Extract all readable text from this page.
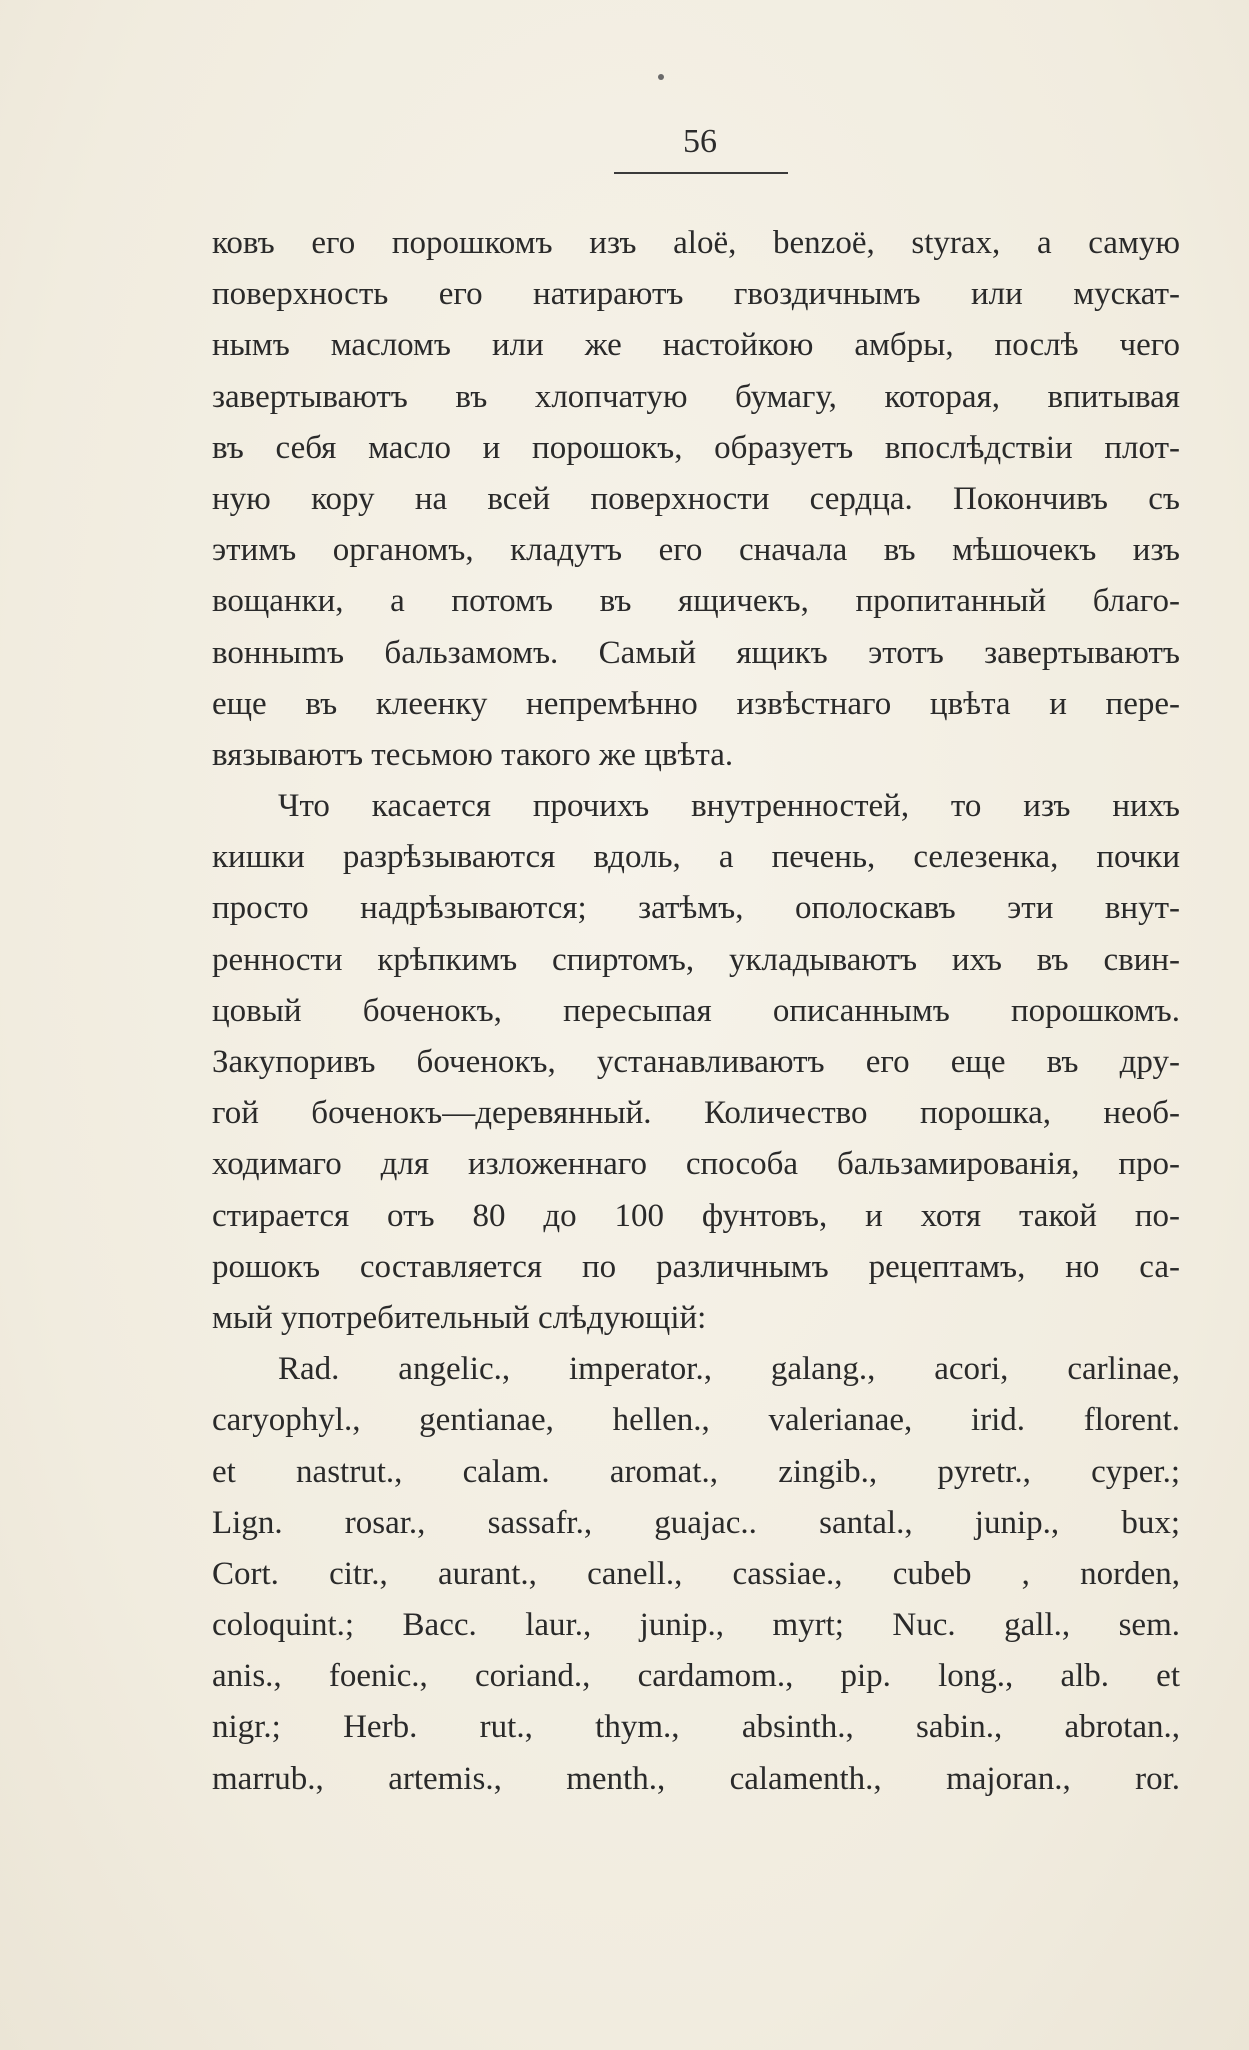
56
ковъ его порошкомъ изъ aloë, benzoë, styrax, а самую
поверхность его натираютъ гвоздичнымъ или мускат-
нымъ масломъ или же настойкою амбры, послѣ чего
завертываютъ въ хлопчатую бумагу, которая, впитывая
въ себя масло и порошокъ, образуетъ впослѣдствіи плот-
ную кору на всей поверхности сердца. Покончивъ съ
этимъ органомъ, кладутъ его сначала въ мѣшочекъ изъ
вощанки, а потомъ въ ящичекъ, пропитанный благо-
вонныmъ бальзамомъ. Самый ящикъ этотъ завертываютъ
еще въ клеенку непремѣнно извѣстнаго цвѣта и пере-
вязываютъ тесьмою такого же цвѣта.
Что касается прочихъ внутренностей, то изъ нихъ
кишки разрѣзываются вдоль, а печень, селезенка, почки
просто надрѣзываются; затѣмъ, ополоскавъ эти внут-
ренности крѣпкимъ спиртомъ, укладываютъ ихъ въ свин-
цовый боченокъ, пересыпая описаннымъ порошкомъ.
Закупоривъ боченокъ, устанавливаютъ его еще въ дру-
гой боченокъ—деревянный. Количество порошка, необ-
ходимаго для изложеннаго способа бальзамированія, про-
стирается отъ 80 до 100 фунтовъ, и хотя такой по-
рошокъ составляется по различнымъ рецептамъ, но са-
мый употребительный слѣдующій:
Rad. angelic., imperator., galang., acori, carlinae,
caryophyl., gentianae, hellen., valerianae, irid. florent.
et nastrut., calam. aromat., zingib., pyretr., cyper.;
Lign. rosar., sassafr., guajac.. santal., junip., bux;
Cort. citr., aurant., canell., cassiae., cubeb , norden,
coloquint.; Bacc. laur., junip., myrt; Nuc. gall., sem.
anis., foenic., coriand., cardamom., pip. long., alb. et
nigr.; Herb. rut., thym., absinth., sabin., abrotan.,
marrub., artemis., menth., calamenth., majoran., ror.
